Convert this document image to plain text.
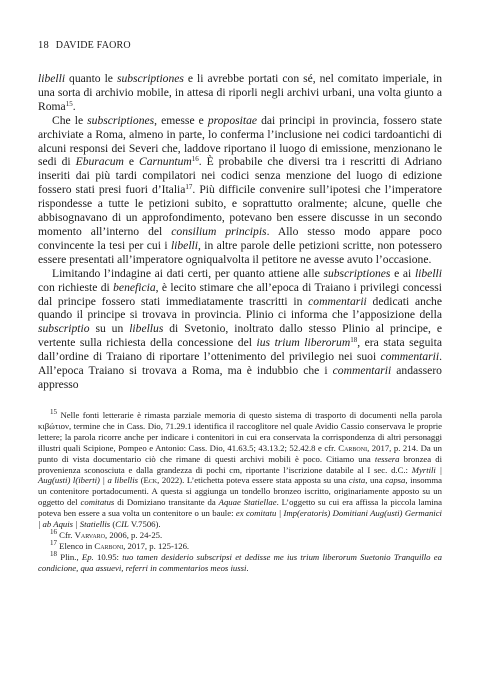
18 DAVIDE FAORO

libelli quanto le subscriptiones e li avrebbe portati con sé, nel comitato imperiale, in una sorta di archivio mobile, in attesa di riporli negli archivi urbani, una volta giunto a Roma$^{15}$.

Che le subscriptiones, emesse e propositae dai principi in provincia, fossero state archiviate a Roma, almeno in parte, lo conferma l’inclusione nei codici tardoantichi di alcuni responsi dei Severi che, laddove riportano il luogo di emissione, menzionano le sedi di Eburacum e Carnuntum$^{16}$. È probabile che diversi tra i rescritti di Adriano inseriti dai più tardi compilatori nei codici senza menzione del luogo di edizione fossero stati presi fuori d’Italia$^{17}$. Più difficile convenire sull’ipotesi che l’imperatore rispondesse a tutte le petizioni subito, e soprattutto oralmente; alcune, quelle che abbisognavano di un approfondimento, potevano ben essere discusse in un secondo momento all’interno del consilium principis. Allo stesso modo appare poco convincente la tesi per cui i libelli, in altre parole delle petizioni scritte, non potessero essere presentati all’imperatore ogniqualvolta il petitore ne avesse avuto l’occasione.

Limitando l’indagine ai dati certi, per quanto attiene alle subscriptiones e ai libelli con richieste di beneficia, è lecito stimare che all’epoca di Traiano i privilegi concessi dal principe fossero stati immediatamente trascritti in commentarii dedicati anche quando il principe si trovava in provincia. Plinio ci informa che l’apposizione della subscriptio su un libellus di Svetonio, inoltrato dallo stesso Plinio al principe, e vertente sulla richiesta della concessione del ius trium liberorum$^{18}$, era stata seguita dall’ordine di Traiano di riportare l’ottenimento del privilegio nei suoi commentarii. All’epoca Traiano si trovava a Roma, ma è indubbio che i commentarii andassero appresso

$^{15}$ Nelle fonti letterarie è rimasta parziale memoria di questo sistema di trasporto di documenti nella parola κιβώτιον, termine che in Cass. Dio, 71.29.1 identifica il raccoglitore nel quale Avidio Cassio conservava le proprie lettere; la parola ricorre anche per indicare i contenitori in cui era conservata la corrispondenza di altri personaggi illustri quali Scipione, Pompeo e Antonio: Cass. Dio, 41.63.5; 43.13.2; 52.42.8 e cfr. Carboni, 2017, p. 214. Da un punto di vista documentario ciò che rimane di questi archivi mobili è poco. Citiamo una tessera bronzea di provenienza sconosciuta e dalla grandezza di pochi cm, riportante l’iscrizione databile al I sec. d.C.: Myrtili | Aug(usti) l(iberti) | a libellis (Eck, 2022). L’etichetta poteva essere stata apposta su una cista, una capsa, insomma un contenitore portadocumenti. A questa si aggiunga un tondello bronzeo iscritto, originariamente apposto su un oggetto del comitatus di Domiziano transitante da Aquae Statiellae. L’oggetto su cui era affissa la piccola lamina poteva ben essere a sua volta un contenitore o un baule: ex comitatu | Imp(eratoris) Domitiani Aug(usti) Germanici | ab Aquis | Statiellis (CIL V.7506).

$^{16}$ Cfr. Varvaro, 2006, p. 24-25.

$^{17}$ Elenco in Carboni, 2017, p. 125-126.

$^{18}$ Plin., Ep. 10.95: tuo tamen desiderio subscripsi et dedisse me ius trium liberorum Suetonio Tranquillo ea condicione, qua assuevi, referri in commentarios meos iussi.
